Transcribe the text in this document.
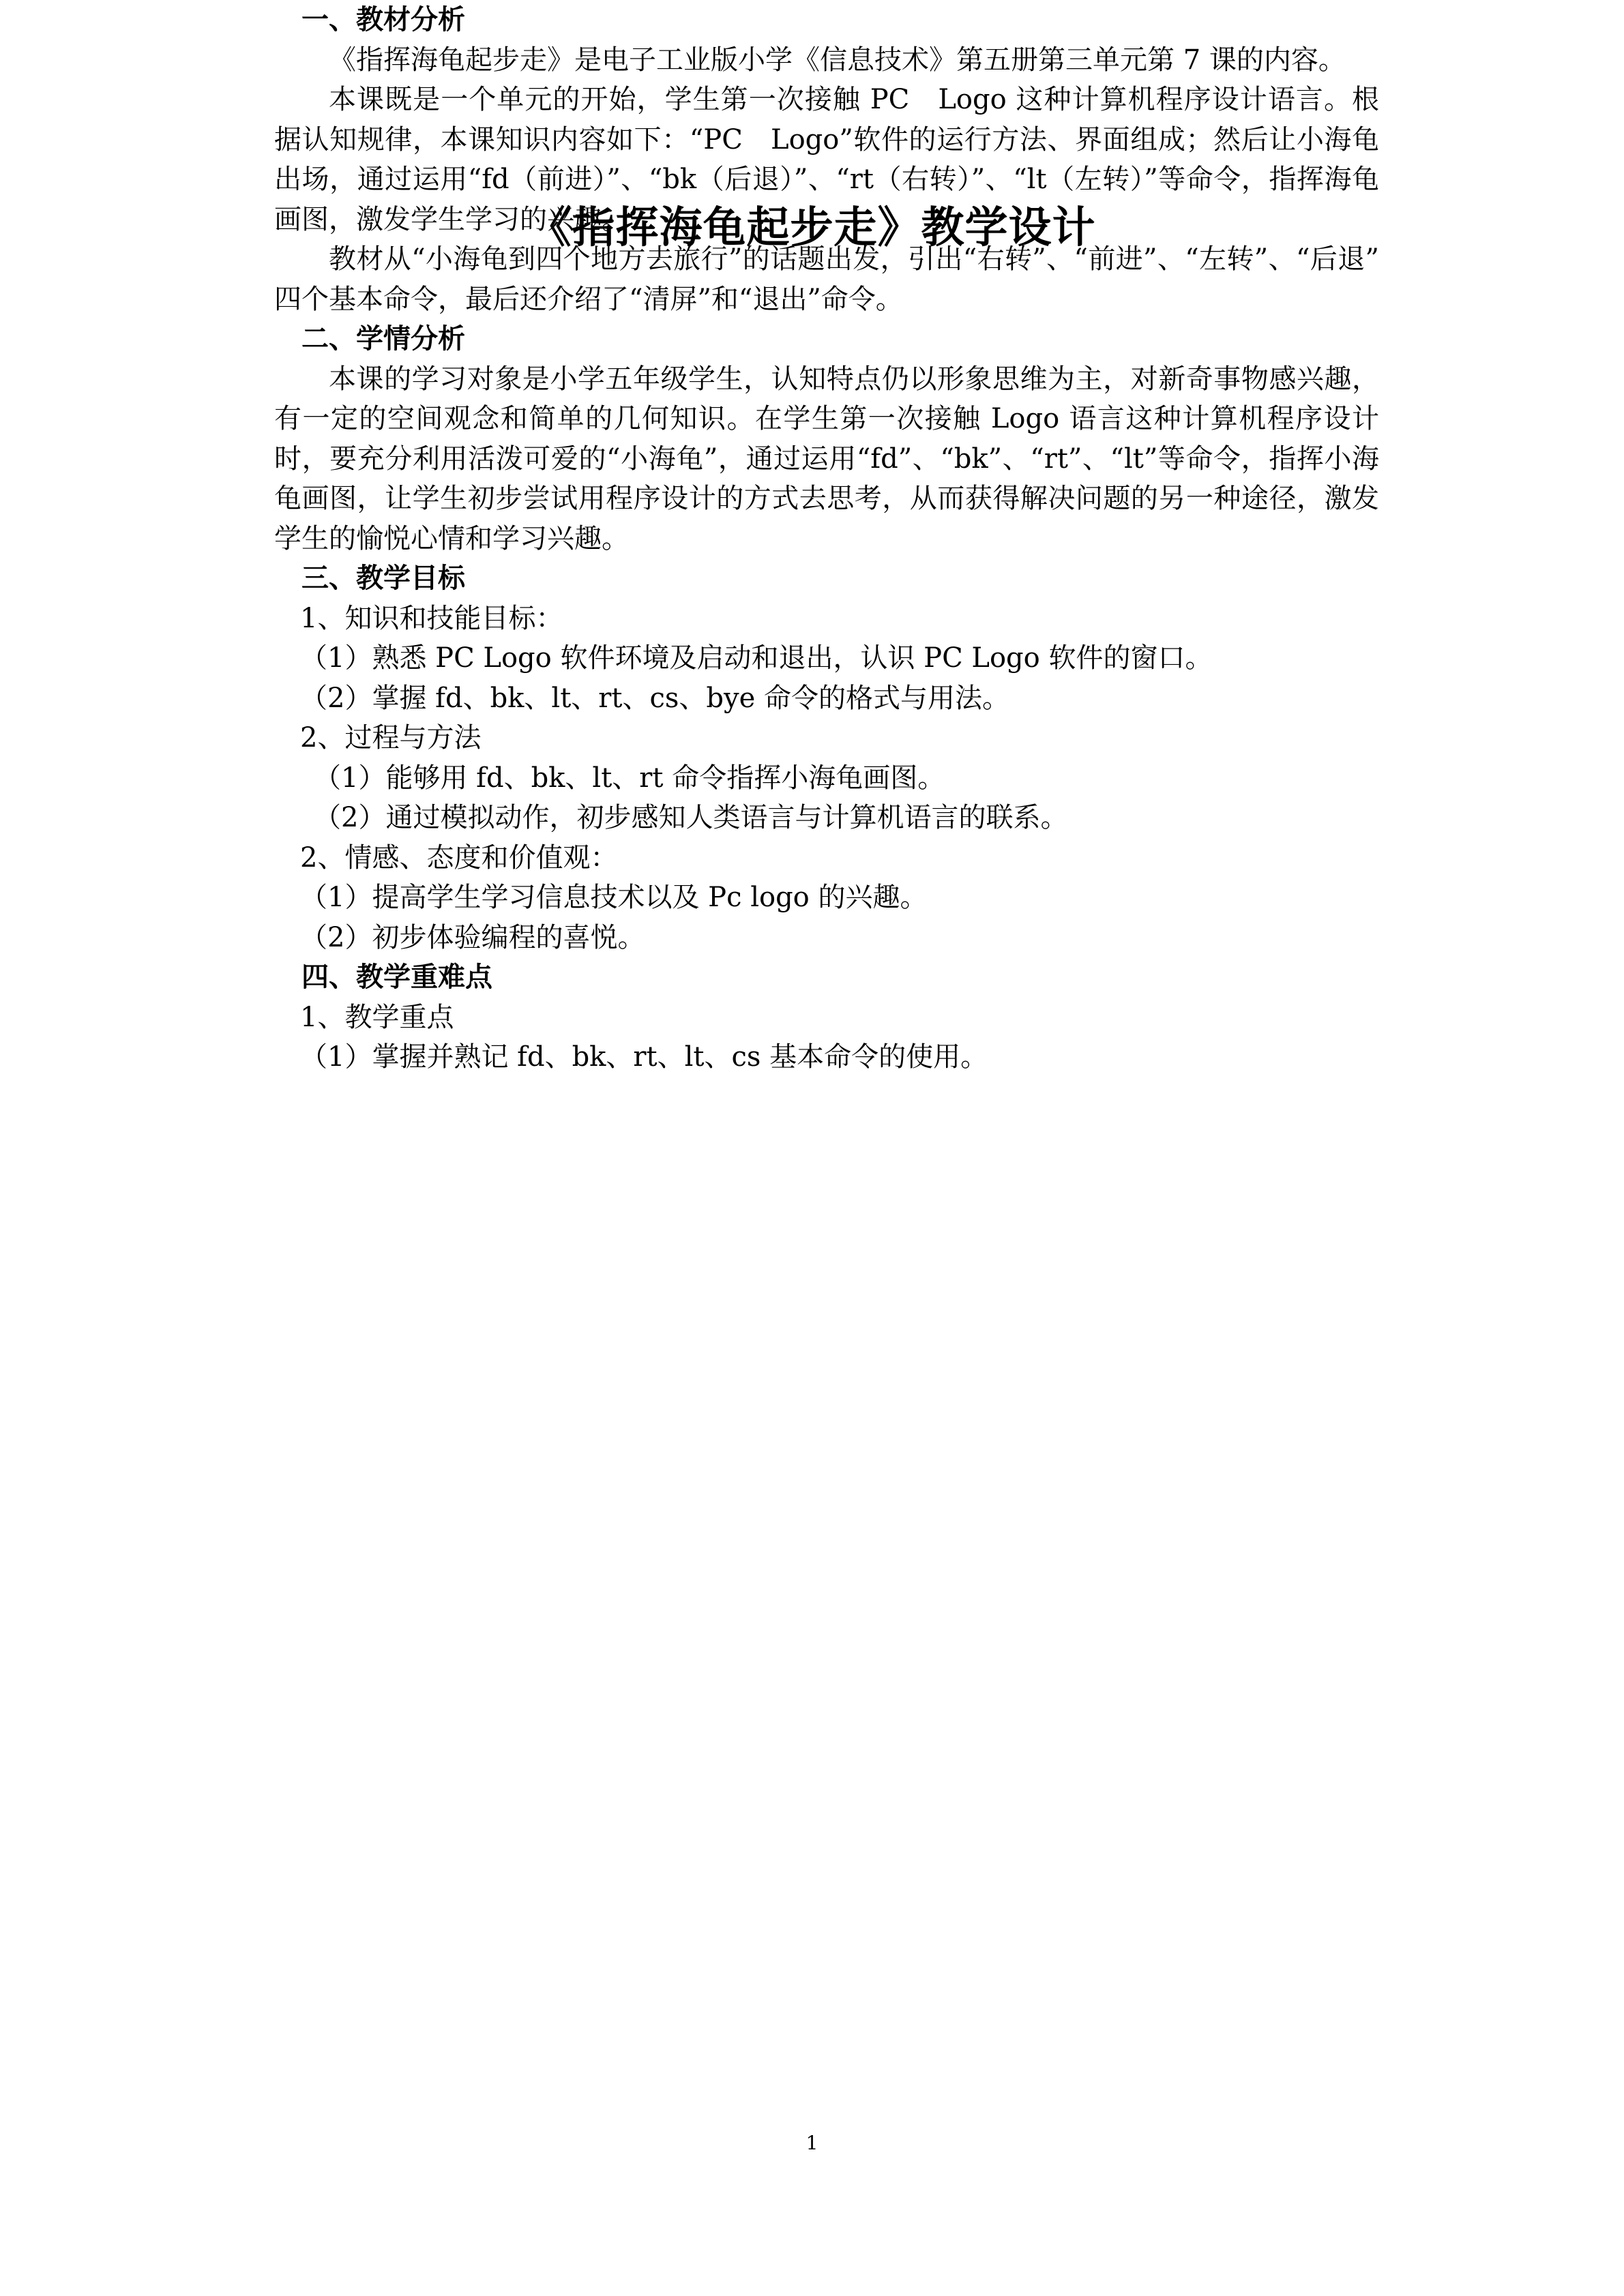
《指挥海龟起步走》教学设计
一、教材分析

《指挥海龟起步走》是电子工业版小学《信息技术》第五册第三单元第 7 课的内容。

本课既是一个单元的开始，学生第一次接触 PC　Logo 这种计算机程序设计语言。根据认知规律，本课知识内容如下：“PC　Logo”软件的运行方法、界面组成；然后让小海龟出场，通过运用“fd（前进）”、“bk（后退）”、“rt（右转）”、“lt（左转）”等命令，指挥海龟画图，激发学生学习的兴趣。

教材从“小海龟到四个地方去旅行”的话题出发，引出“右转”、“前进”、“左转”、“后退”四个基本命令，最后还介绍了“清屏”和“退出”命令。

二、学情分析

本课的学习对象是小学五年级学生，认知特点仍以形象思维为主，对新奇事物感兴趣，有一定的空间观念和简单的几何知识。在学生第一次接触 Logo 语言这种计算机程序设计时，要充分利用活泼可爱的“小海龟”，通过运用“fd”、“bk”、“rt”、“lt”等命令，指挥小海龟画图，让学生初步尝试用程序设计的方式去思考，从而获得解决问题的另一种途径，激发学生的愉悦心情和学习兴趣。

三、教学目标

1、知识和技能目标：

（1）熟悉 PC Logo 软件环境及启动和退出，认识 PC Logo 软件的窗口。

（2）掌握 fd、bk、lt、rt、cs、bye 命令的格式与用法。

2、过程与方法

（1）能够用 fd、bk、lt、rt 命令指挥小海龟画图。

（2）通过模拟动作，初步感知人类语言与计算机语言的联系。

2、情感、态度和价值观：

（1）提高学生学习信息技术以及 Pc logo 的兴趣。

（2）初步体验编程的喜悦。

四、教学重难点

1、教学重点

（1）掌握并熟记 fd、bk、rt、lt、cs 基本命令的使用。

1
